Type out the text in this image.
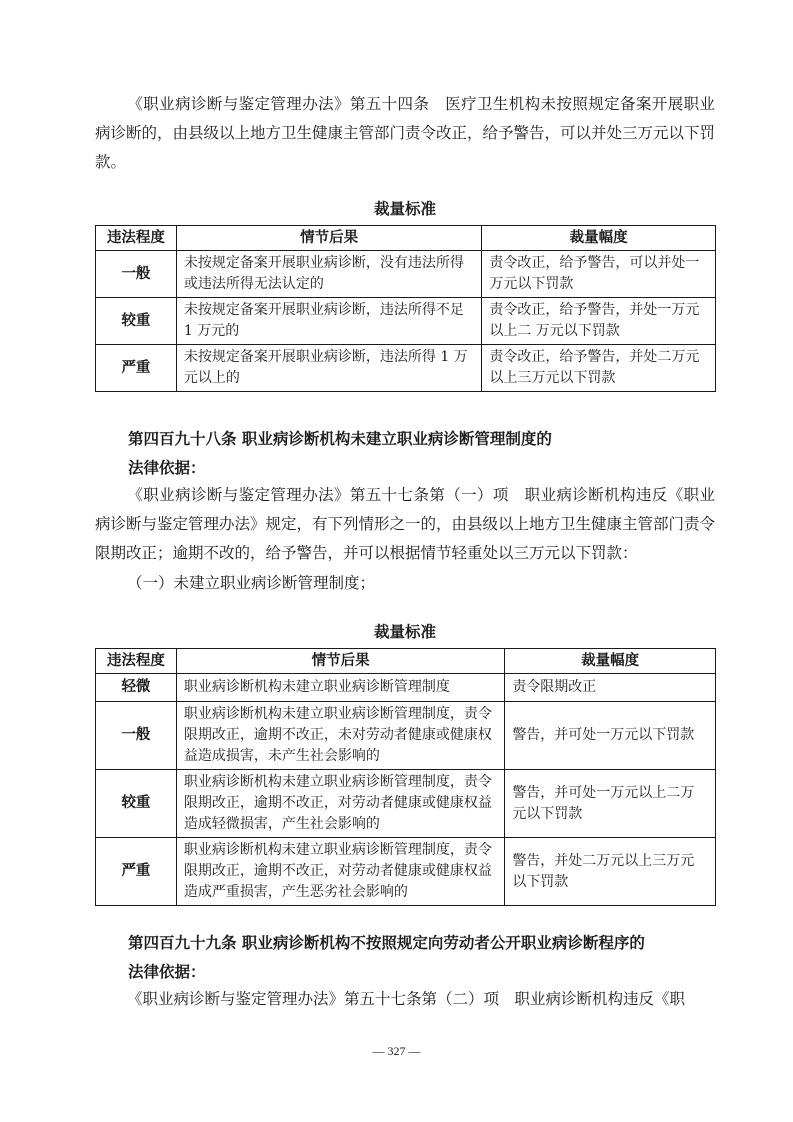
《职业病诊断与鉴定管理办法》第五十四条　医疗卫生机构未按照规定备案开展职业病诊断的，由县级以上地方卫生健康主管部门责令改正，给予警告，可以并处三万元以下罚款。

裁量标准

违法程度	情节后果	裁量幅度
一般	未按规定备案开展职业病诊断，没有违法所得或违法所得无法认定的	责令改正，给予警告，可以并处一 万元以下罚款
较重	未按规定备案开展职业病诊断，违法所得不足 1 万元的	责令改正，给予警告，并处一万元以上二 万元以下罚款
严重	未按规定备案开展职业病诊断，违法所得 1 万元以上的	责令改正，给予警告，并处二万元以上三万元以下罚款

第四百九十八条 职业病诊断机构未建立职业病诊断管理制度的

法律依据：

《职业病诊断与鉴定管理办法》第五十七条第（一）项　职业病诊断机构违反《职业病诊断与鉴定管理办法》规定，有下列情形之一的，由县级以上地方卫生健康主管部门责令限期改正；逾期不改的，给予警告，并可以根据情节轻重处以三万元以下罚款：

（一）未建立职业病诊断管理制度；

裁量标准

违法程度	情节后果	裁量幅度
轻微	职业病诊断机构未建立职业病诊断管理制度	责令限期改正
一般	职业病诊断机构未建立职业病诊断管理制度，责令限期改正，逾期不改正，未对劳动者健康或健康权益造成损害，未产生社会影响的	警告，并可处一万元以下罚款
较重	职业病诊断机构未建立职业病诊断管理制度，责令限期改正，逾期不改正，对劳动者健康或健康权益造成轻微损害，产生社会影响的	警告，并可处一万元以上二万元以下罚款
严重	职业病诊断机构未建立职业病诊断管理制度，责令限期改正，逾期不改正，对劳动者健康或健康权益造成严重损害，产生恶劣社会影响的	警告，并处二万元以上三万元以下罚款

第四百九十九条 职业病诊断机构不按照规定向劳动者公开职业病诊断程序的

法律依据：

《职业病诊断与鉴定管理办法》第五十七条第（二）项　职业病诊断机构违反《职

— 327 —
